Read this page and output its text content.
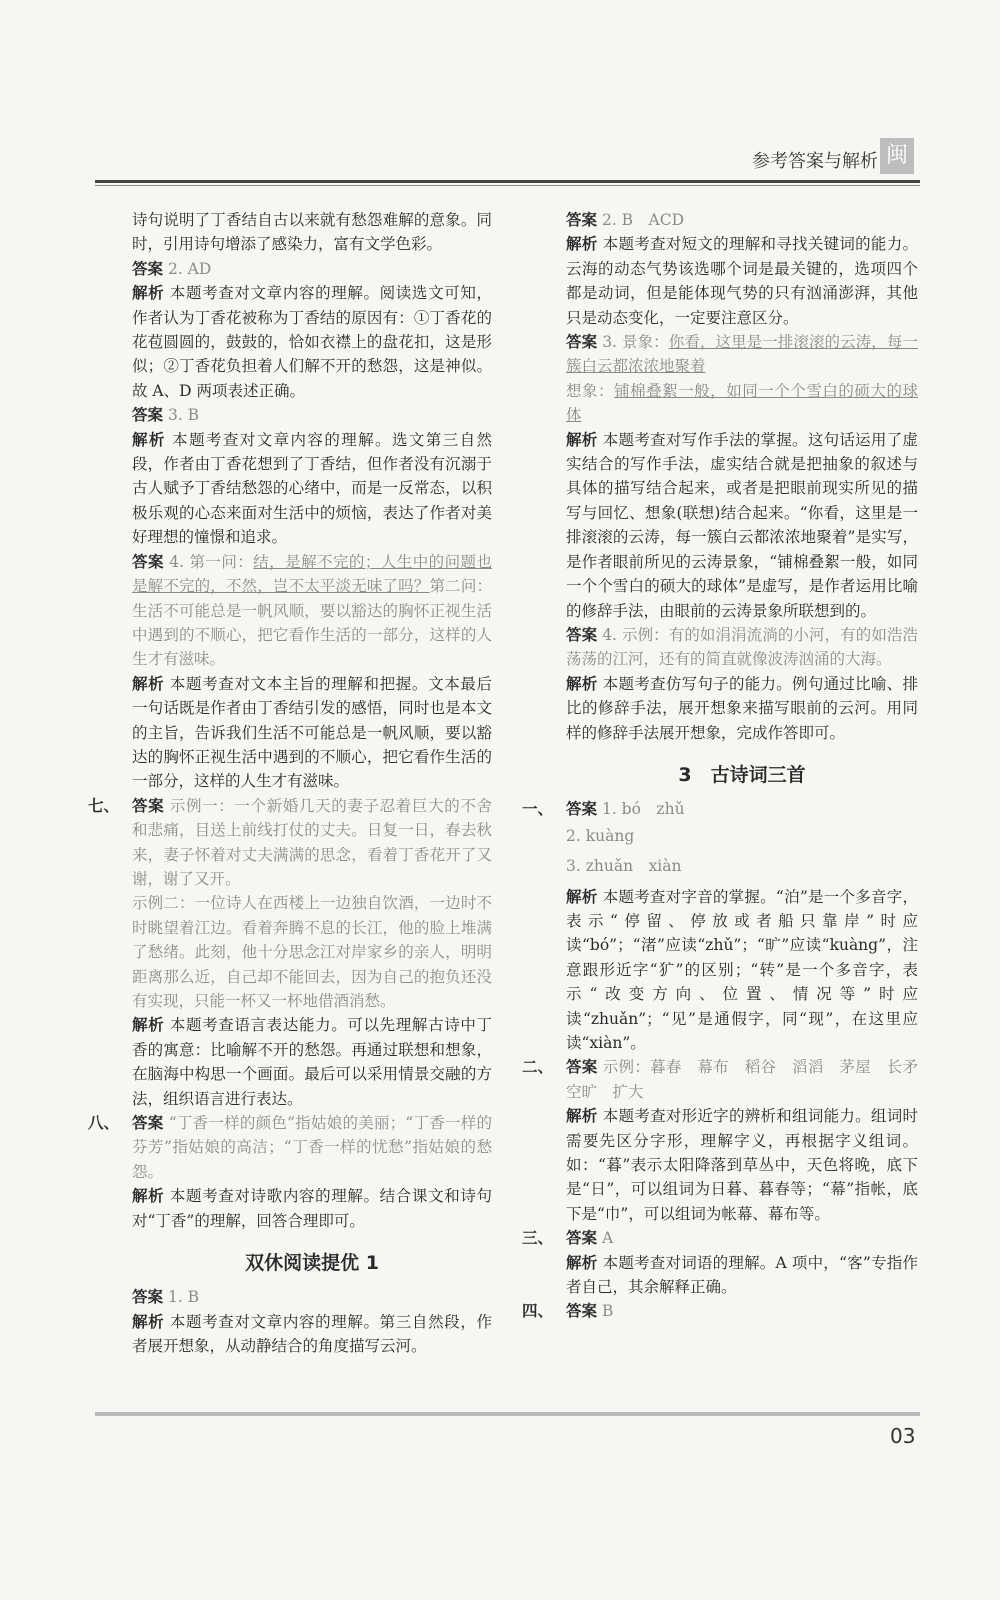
参考答案与解析 闽

诗句说明了丁香结自古以来就有愁怨难解的意象。同时，引用诗句增添了感染力，富有文学色彩。

答案 2. AD

解析 本题考查对文章内容的理解。阅读选文可知，作者认为丁香花被称为丁香结的原因有：①丁香花的花苞圆圆的，鼓鼓的，恰如衣襟上的盘花扣，这是形似；②丁香花负担着人们解不开的愁怨，这是神似。故 A、D 两项表述正确。

答案 3. B

解析 本题考查对文章内容的理解。选文第三自然段，作者由丁香花想到了丁香结，但作者没有沉溺于古人赋予丁香结愁怨的心绪中，而是一反常态，以积极乐观的心态来面对生活中的烦恼，表达了作者对美好理想的憧憬和追求。

答案 4. 第一问：结，是解不完的；人生中的问题也是解不完的，不然，岂不太平淡无味了吗？第二问：生活不可能总是一帆风顺，要以豁达的胸怀正视生活中遇到的不顺心，把它看作生活的一部分，这样的人生才有滋味。

解析 本题考查对文本主旨的理解和把握。文本最后一句话既是作者由丁香结引发的感悟，同时也是本文的主旨，告诉我们生活不可能总是一帆风顺，要以豁达的胸怀正视生活中遇到的不顺心，把它看作生活的一部分，这样的人生才有滋味。

七、 答案 示例一：一个新婚几天的妻子忍着巨大的不舍和悲痛，目送上前线打仗的丈夫。日复一日，春去秋来，妻子怀着对丈夫满满的思念，看着丁香花开了又谢，谢了又开。

示例二：一位诗人在西楼上一边独自饮酒，一边时不时眺望着江边。看着奔腾不息的长江，他的脸上堆满了愁绪。此刻，他十分思念江对岸家乡的亲人，明明距离那么近，自己却不能回去，因为自己的抱负还没有实现，只能一杯又一杯地借酒消愁。

解析 本题考查语言表达能力。可以先理解古诗中丁香的寓意：比喻解不开的愁怨。再通过联想和想象，在脑海中构思一个画面。最后可以采用情景交融的方法，组织语言进行表达。

八、 答案 “丁香一样的颜色”指姑娘的美丽；“丁香一样的芬芳”指姑娘的高洁；“丁香一样的忧愁”指姑娘的愁怨。

解析 本题考查对诗歌内容的理解。结合课文和诗句对“丁香”的理解，回答合理即可。

双休阅读提优 1

答案 1. B

解析 本题考查对文章内容的理解。第三自然段，作者展开想象，从动静结合的角度描写云河。

答案 2. B　ACD

解析 本题考查对短文的理解和寻找关键词的能力。云海的动态气势该选哪个词是最关键的，选项四个都是动词，但是能体现气势的只有汹涌澎湃，其他只是动态变化，一定要注意区分。

答案 3. 景象：你看，这里是一排滚滚的云涛，每一簇白云都浓浓地聚着

想象：铺棉叠絮一般，如同一个个雪白的硕大的球体

解析 本题考查对写作手法的掌握。这句话运用了虚实结合的写作手法，虚实结合就是把抽象的叙述与具体的描写结合起来，或者是把眼前现实所见的描写与回忆、想象(联想)结合起来。“你看，这里是一排滚滚的云涛，每一簇白云都浓浓地聚着”是实写，是作者眼前所见的云涛景象，“铺棉叠絮一般，如同一个个雪白的硕大的球体”是虚写，是作者运用比喻的修辞手法，由眼前的云涛景象所联想到的。

答案 4. 示例：有的如涓涓流淌的小河，有的如浩浩荡荡的江河，还有的简直就像波涛汹涌的大海。

解析 本题考查仿写句子的能力。例句通过比喻、排比的修辞手法，展开想象来描写眼前的云河。用同样的修辞手法展开想象，完成作答即可。

3　古诗词三首

一、 答案 1. bó　zhǔ

2. kuàng

3. zhuǎn　xiàn

解析 本题考查对字音的掌握。“泊”是一个多音字，表示“停留、停放或者船只靠岸”时应读“bó”；“渚”应读“zhǔ”；“旷”应读“kuàng”，注意跟形近字“犷”的区别；“转”是一个多音字，表示“改变方向、位置、情况等”时应读“zhuǎn”；“见”是通假字，同“现”，在这里应读“xiàn”。

二、 答案 示例：暮春　幕布　稻谷　滔滔　茅屋　长矛　空旷　扩大

解析 本题考查对形近字的辨析和组词能力。组词时需要先区分字形，理解字义，再根据字义组词。如：“暮”表示太阳降落到草丛中，天色将晚，底下是“日”，可以组词为日暮、暮春等；“幕”指帐，底下是“巾”，可以组词为帐幕、幕布等。

三、 答案 A

解析 本题考查对词语的理解。A 项中，“客”专指作者自己，其余解释正确。

四、 答案 B

03
